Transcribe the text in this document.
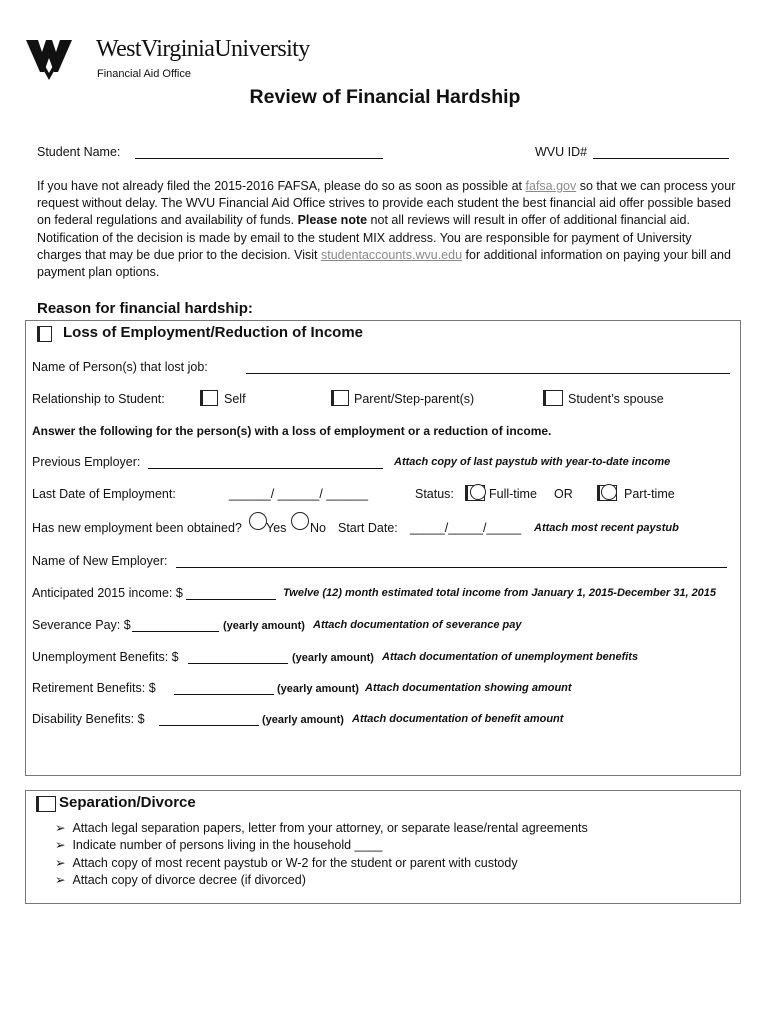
WestVirginiaUniversity
Financial Aid Office
Review of Financial Hardship
Student Name:	WVU ID#
If you have not already filed the 2015-2016 FAFSA, please do so as soon as possible at fafsa.gov so that we can process your request without delay. The WVU Financial Aid Office strives to provide each student the best financial aid offer possible based on federal regulations and availability of funds. Please note not all reviews will result in offer of additional financial aid. Notification of the decision is made by email to the student MIX address. You are responsible for payment of University charges that may be due prior to the decision. Visit studentaccounts.wvu.edu for additional information on paying your bill and payment plan options.
Reason for financial hardship:
Loss of Employment/Reduction of Income
Name of Person(s) that lost job:
Relationship to Student:	Self	Parent/Step-parent(s)	Student’s spouse
Answer the following for the person(s) with a loss of employment or a reduction of income.
Previous Employer:	Attach copy of last paystub with year-to-date income
Last Date of Employment:	______/ ______/ ______	Status:	Full-time OR	Part-time
Has new employment been obtained? Yes No Start Date: _____/_____/_____ Attach most recent paystub
Name of New Employer:
Anticipated 2015 income: $	Twelve (12) month estimated total income from January 1, 2015-December 31, 2015
Severance Pay: $	(yearly amount) Attach documentation of severance pay
Unemployment Benefits: $	(yearly amount) Attach documentation of unemployment benefits
Retirement Benefits: $	(yearly amount) Attach documentation showing amount
Disability Benefits: $	(yearly amount) Attach documentation of benefit amount
Separation/Divorce
➢ Attach legal separation papers, letter from your attorney, or separate lease/rental agreements
➢ Indicate number of persons living in the household ____
➢ Attach copy of most recent paystub or W-2 for the student or parent with custody
➢ Attach copy of divorce decree (if divorced)
